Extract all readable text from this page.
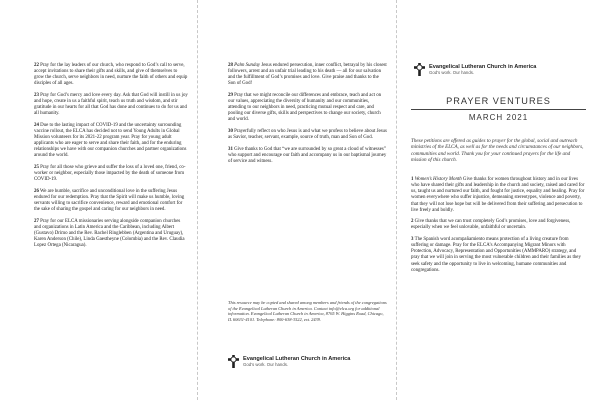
22 Pray for the lay leaders of our church, who respond to God’s call to serve, accept invitations to share their gifts and skills, and give of themselves to grow the church, serve neighbors in need, nurture the faith of others and equip disciples of all ages.

23 Pray for God’s mercy and love every day. Ask that God will instill in us joy and hope, create in us a faithful spirit, teach us truth and wisdom, and stir gratitude in our hearts for all that God has done and continues to do for us and all humanity.

24 Due to the lasting impact of COVID-19 and the uncertainty surrounding vaccine rollout, the ELCA has decided not to send Young Adults in Global Mission volunteers for its 2021-22 program year. Pray for young adult applicants who are eager to serve and share their faith, and for the enduring relationships we have with our companion churches and partner organizations around the world.

25 Pray for all those who grieve and suffer the loss of a loved one, friend, co-worker or neighbor, especially those impacted by the death of someone from COVID-19.

26 We are humble, sacrifice and unconditional love in the suffering Jesus endured for our redemption. Pray that the Spirit will make us humble, loving servants willing to sacrifice convenience, reward and emotional comfort for the sake of sharing the gospel and caring for our neighbors in need.

27 Pray for our ELCA missionaries serving alongside companion churches and organizations in Latin America and the Caribbean, including Albert (Gustavo) Drimo and the Rev. Rachel Ringlebben (Argentina and Uruguay), Karen Anderson (Chile), Linda Gaestheyne (Colombia) and the Rev. Claudia Lopez Ortega (Nicaragua).

28 Palm Sunday Jesus endured persecution, inner conflict, betrayal by his closest followers, arrest and an unfair trial leading to his death — all for our salvation and the fulfillment of God’s promises and love. Give praise and thanks to the Son of God!

29 Pray that we might reconcile our differences and embrace, teach and act on our values, appreciating the diversity of humanity and our communities, attending to our neighbors in need, practicing mutual respect and care, and pooling our diverse gifts, skills and perspectives to change our society, church and world.

30 Prayerfully reflect on who Jesus is and what we profess to believe about Jesus as Savior, teacher, servant, example, source of truth, man and Son of God.

31 Give thanks to God that “we are surrounded by so great a cloud of witnesses” who support and encourage our faith and accompany us in our baptismal journey of service and witness.

This resource may be copied and shared among members and friends of the congregations of the Evangelical Lutheran Church in America. Contact info@elca.org for additional information. Evangelical Lutheran Church in America, 8765 W. Higgins Road, Chicago, IL 60631-4101. Telephone: 800-638-3522, ext. 2439.

Evangelical Lutheran Church in America
God’s work. Our hands.
Evangelical Lutheran Church in America
God’s work. Our hands.
PRAYER VENTURES
MARCH 2021

These petitions are offered as guides to prayer for the global, social and outreach ministries of the ELCA, as well as for the needs and circumstances of our neighbors, communities and world. Thank you for your continued prayers for the life and mission of this church.

1 Women’s History Month Give thanks for women throughout history and in our lives who have shared their gifts and leadership in the church and society, raised and cared for us, taught us and nurtured our faith, and fought for justice, equality and healing. Pray for women everywhere who suffer injustice, demeaning stereotypes, violence and poverty, that they will not lose hope but will be delivered from their suffering and persecution to live freely and boldly.

2 Give thanks that we can trust completely God’s promises, love and forgiveness, especially when we feel unlovable, unfaithful or uncertain.

3 The Spanish word acompañamiento means protection of a living creature from suffering or damage. Pray for the ELCA’s Accompanying Migrant Minors with Protection, Advocacy, Representation and Opportunities (AMMPARO) strategy, and pray that we will join in serving the most vulnerable children and their families as they seek safety and the opportunity to live in welcoming, humane communities and congregations.
